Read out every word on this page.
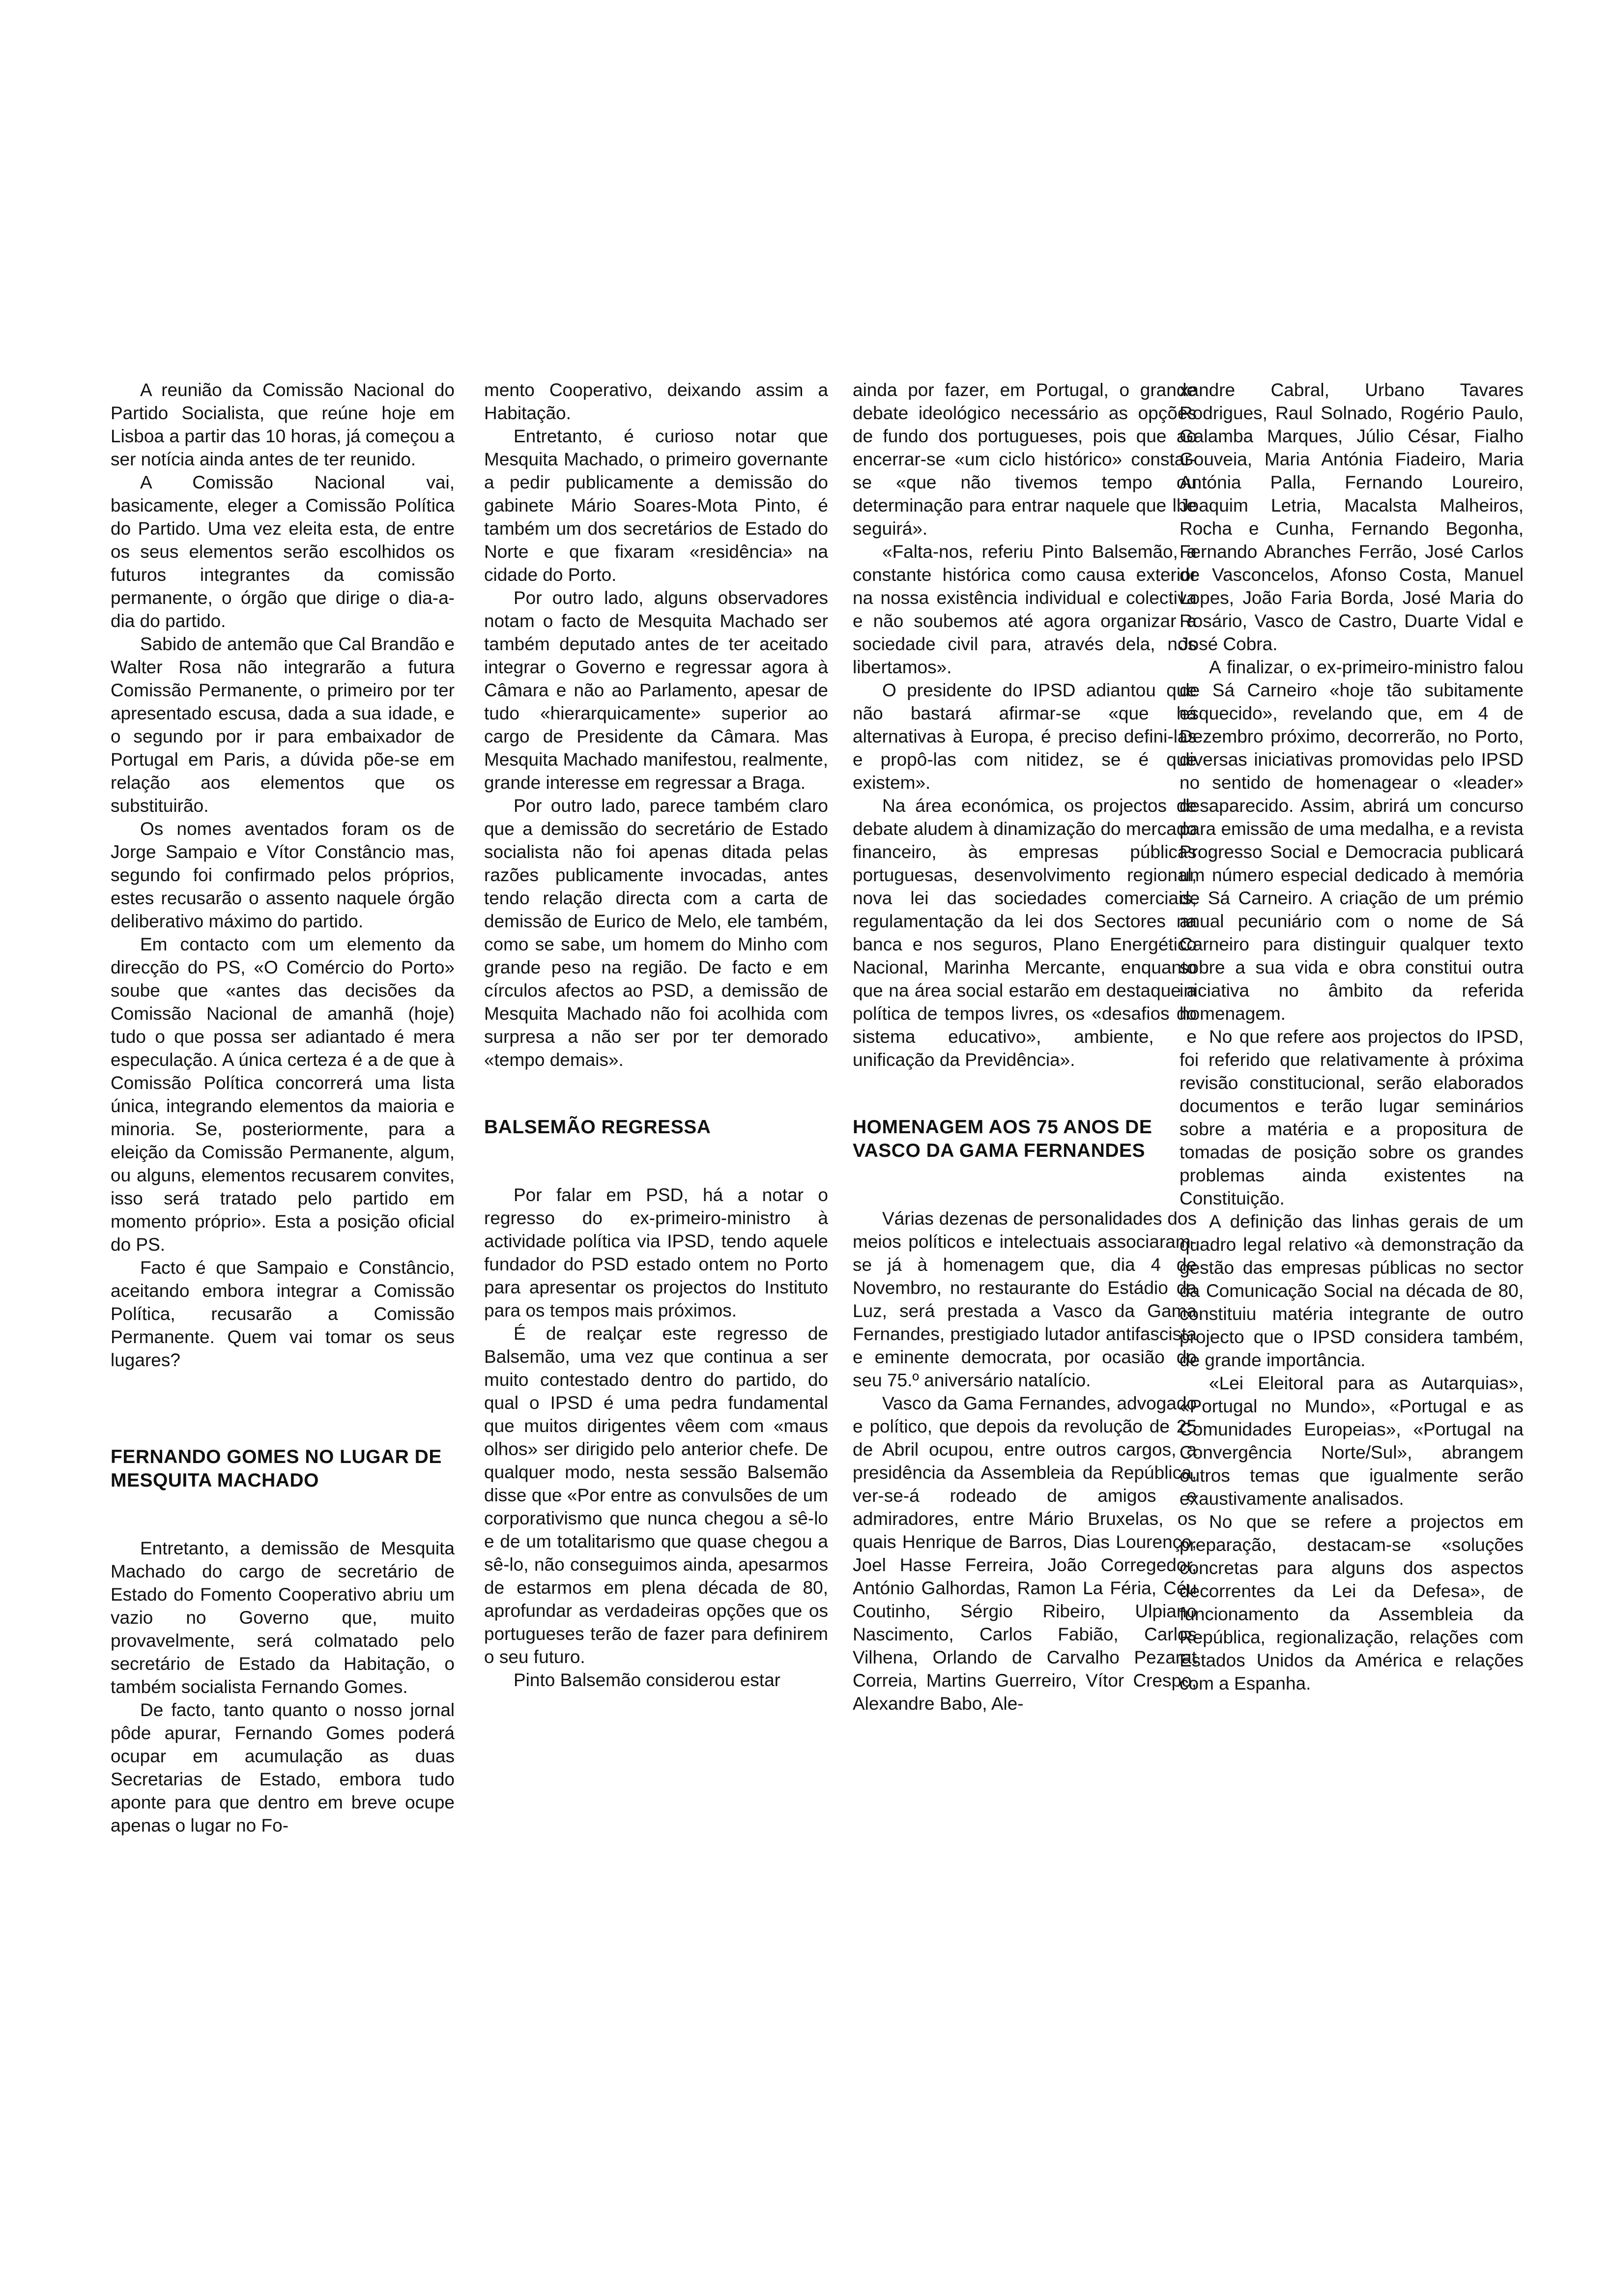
A reunião da Comissão Nacional do Partido Socialista, que reúne hoje em Lisboa a partir das 10 horas, já começou a ser notícia ainda antes de ter reunido.

A Comissão Nacional vai, basicamente, eleger a Comissão Política do Partido. Uma vez eleita esta, de entre os seus elementos serão escolhidos os futuros integrantes da comissão permanente, o órgão que dirige o dia-a-dia do partido.

Sabido de antemão que Cal Brandão e Walter Rosa não integrarão a futura Comissão Permanente, o primeiro por ter apresentado escusa, dada a sua idade, e o segundo por ir para embaixador de Portugal em Paris, a dúvida põe-se em relação aos elementos que os substituirão.

Os nomes aventados foram os de Jorge Sampaio e Vítor Constâncio mas, segundo foi confirmado pelos próprios, estes recusarão o assento naquele órgão deliberativo máximo do partido.

Em contacto com um elemento da direcção do PS, «O Comércio do Porto» soube que «antes das decisões da Comissão Nacional de amanhã (hoje) tudo o que possa ser adiantado é mera especulação. A única certeza é a de que à Comissão Política concorrerá uma lista única, integrando elementos da maioria e minoria. Se, posteriormente, para a eleição da Comissão Permanente, algum, ou alguns, elementos recusarem convites, isso será tratado pelo partido em momento próprio». Esta a posição oficial do PS.

Facto é que Sampaio e Constâncio, aceitando embora integrar a Comissão Política, recusarão a Comissão Permanente. Quem vai tomar os seus lugares?

FERNANDO GOMES NO LUGAR DE MESQUITA MACHADO

Entretanto, a demissão de Mesquita Machado do cargo de secretário de Estado do Fomento Cooperativo abriu um vazio no Governo que, muito provavelmente, será colmatado pelo secretário de Estado da Habitação, o também socialista Fernando Gomes.

De facto, tanto quanto o nosso jornal pôde apurar, Fernando Gomes poderá ocupar em acumulação as duas Secretarias de Estado, embora tudo aponte para que dentro em breve ocupe apenas o lugar no Fo-

mento Cooperativo, deixando assim a Habitação.

Entretanto, é curioso notar que Mesquita Machado, o primeiro governante a pedir publicamente a demissão do gabinete Mário Soares-Mota Pinto, é também um dos secretários de Estado do Norte e que fixaram «residência» na cidade do Porto.

Por outro lado, alguns observadores notam o facto de Mesquita Machado ser também deputado antes de ter aceitado integrar o Governo e regressar agora à Câmara e não ao Parlamento, apesar de tudo «hierarquicamente» superior ao cargo de Presidente da Câmara. Mas Mesquita Machado manifestou, realmente, grande interesse em regressar a Braga.

Por outro lado, parece também claro que a demissão do secretário de Estado socialista não foi apenas ditada pelas razões publicamente invocadas, antes tendo relação directa com a carta de demissão de Eurico de Melo, ele também, como se sabe, um homem do Minho com grande peso na região. De facto e em círculos afectos ao PSD, a demissão de Mesquita Machado não foi acolhida com surpresa a não ser por ter demorado «tempo demais».

BALSEMÃO REGRESSA

Por falar em PSD, há a notar o regresso do ex-primeiro-ministro à actividade política via IPSD, tendo aquele fundador do PSD estado ontem no Porto para apresentar os projectos do Instituto para os tempos mais próximos.

É de realçar este regresso de Balsemão, uma vez que continua a ser muito contestado dentro do partido, do qual o IPSD é uma pedra fundamental que muitos dirigentes vêem com «maus olhos» ser dirigido pelo anterior chefe. De qualquer modo, nesta sessão Balsemão disse que «Por entre as convulsões de um corporativismo que nunca chegou a sê-lo e de um totalitarismo que quase chegou a sê-lo, não conseguimos ainda, apesarmos de estarmos em plena década de 80, aprofundar as verdadeiras opções que os portugueses terão de fazer para definirem o seu futuro.

Pinto Balsemão considerou estar

ainda por fazer, em Portugal, o grande debate ideológico necessário as opções de fundo dos portugueses, pois que ao encerrar-se «um ciclo histórico» constar-se «que não tivemos tempo ou determinação para entrar naquele que lhe seguirá».

«Falta-nos, referiu Pinto Balsemão, a constante histórica como causa exterior na nossa existência individual e colectiva e não soubemos até agora organizar a sociedade civil para, através dela, nos libertamos».

O presidente do IPSD adiantou que não bastará afirmar-se «que há alternativas à Europa, é preciso defini-las e propô-las com nitidez, se é que existem».

Na área económica, os projectos de debate aludem à dinamização do mercado financeiro, às empresas públicas portuguesas, desenvolvimento regional, nova lei das sociedades comerciais, regulamentação da lei dos Sectores na banca e nos seguros, Plano Energético Nacional, Marinha Mercante, enquanto que na área social estarão em destaque a política de tempos livres, os «desafios do sistema educativo», ambiente, e unificação da Previdência».

HOMENAGEM AOS 75 ANOS DE VASCO DA GAMA FERNANDES

Várias dezenas de personalidades dos meios políticos e intelectuais associaram-se já à homenagem que, dia 4 de Novembro, no restaurante do Estádio da Luz, será prestada a Vasco da Gama Fernandes, prestigiado lutador antifascista e eminente democrata, por ocasião do seu 75.º aniversário natalício.

Vasco da Gama Fernandes, advogado e político, que depois da revolução de 25 de Abril ocupou, entre outros cargos, a presidência da Assembleia da República, ver-se-á rodeado de amigos e admiradores, entre Mário Bruxelas, os quais Henrique de Barros, Dias Lourenço, Joel Hasse Ferreira, João Corregedor, António Galhordas, Ramon La Féria, Céu Coutinho, Sérgio Ribeiro, Ulpiano Nascimento, Carlos Fabião, Carlos Vilhena, Orlando de Carvalho Pezarat Correia, Martins Guerreiro, Vítor Crespo, Alexandre Babo, Ale-

xandre Cabral, Urbano Tavares Rodrigues, Raul Solnado, Rogério Paulo, Galamba Marques, Júlio César, Fialho Gouveia, Maria Antónia Fiadeiro, Maria Antónia Palla, Fernando Loureiro, Joaquim Letria, Macalsta Malheiros, Rocha e Cunha, Fernando Begonha, Fernando Abranches Ferrão, José Carlos de Vasconcelos, Afonso Costa, Manuel Lopes, João Faria Borda, José Maria do Rosário, Vasco de Castro, Duarte Vidal e José Cobra.

A finalizar, o ex-primeiro-ministro falou de Sá Carneiro «hoje tão subitamente esquecido», revelando que, em 4 de Dezembro próximo, decorrerão, no Porto, diversas iniciativas promovidas pelo IPSD no sentido de homenagear o «leader» desaparecido. Assim, abrirá um concurso para emissão de uma medalha, e a revista Progresso Social e Democracia publicará um número especial dedicado à memória de Sá Carneiro. A criação de um prémio anual pecuniário com o nome de Sá Carneiro para distinguir qualquer texto sobre a sua vida e obra constitui outra iniciativa no âmbito da referida homenagem.

No que refere aos projectos do IPSD, foi referido que relativamente à próxima revisão constitucional, serão elaborados documentos e terão lugar seminários sobre a matéria e a propositura de tomadas de posição sobre os grandes problemas ainda existentes na Constituição.

A definição das linhas gerais de um quadro legal relativo «à demonstração da gestão das empresas públicas no sector da Comunicação Social na década de 80, constituiu matéria integrante de outro projecto que o IPSD considera também, de grande importância.

«Lei Eleitoral para as Autarquias», «Portugal no Mundo», «Portugal e as Comunidades Europeias», «Portugal na Convergência Norte/Sul», abrangem outros temas que igualmente serão exaustivamente analisados.

No que se refere a projectos em preparação, destacam-se «soluções concretas para alguns dos aspectos decorrentes da Lei da Defesa», de funcionamento da Assembleia da República, regionalização, relações com Estados Unidos da América e relações com a Espanha.
